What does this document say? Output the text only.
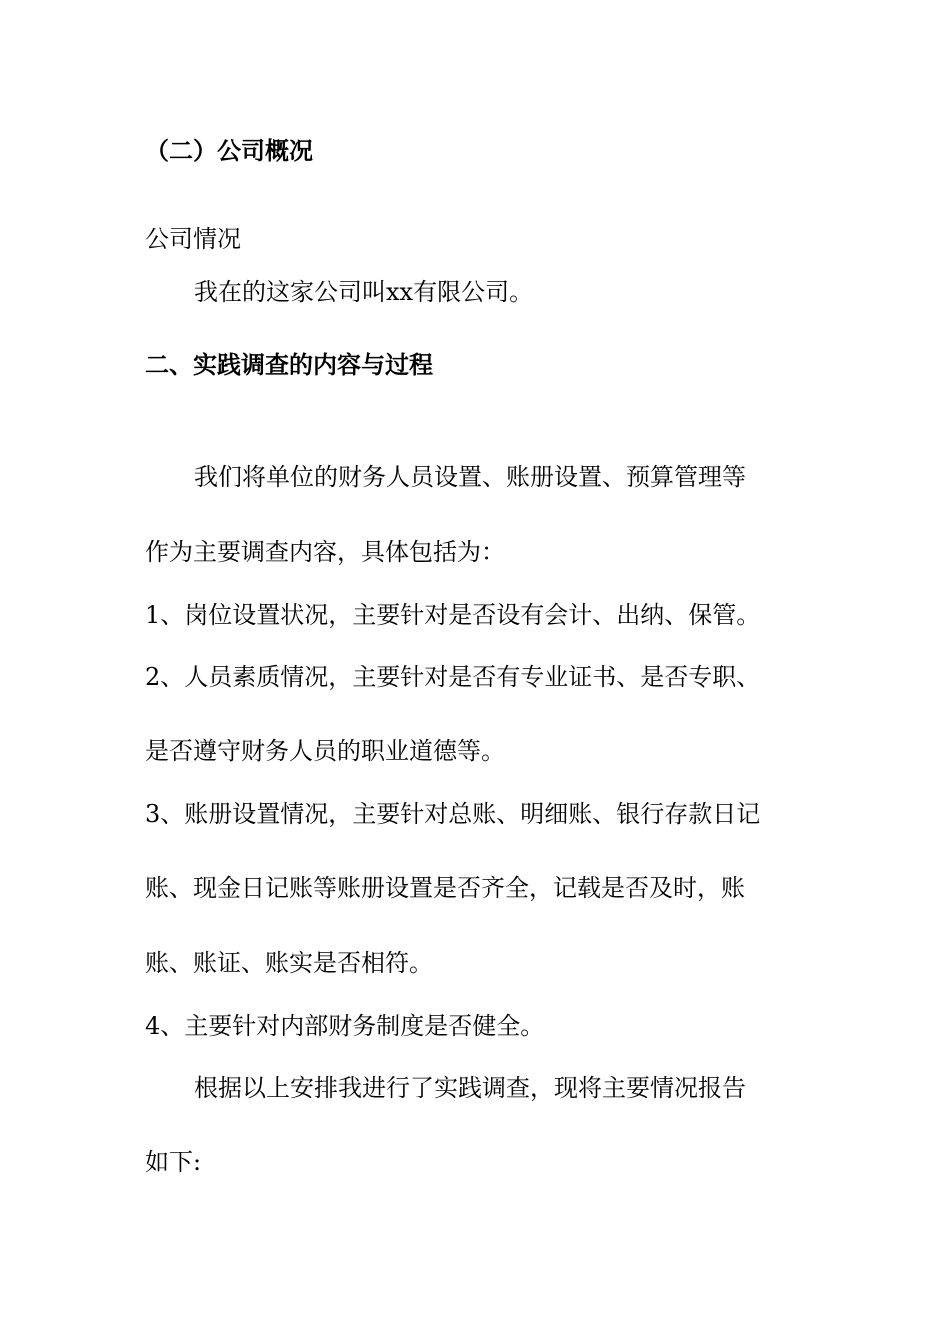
（二）公司概况

公司情况

我在的这家公司叫xx有限公司。

二、实践调查的内容与过程

我们将单位的财务人员设置、账册设置、预算管理等

作为主要调查内容，具体包括为：

1、岗位设置状况，主要针对是否设有会计、出纳、保管。

2、人员素质情况，主要针对是否有专业证书、是否专职、

是否遵守财务人员的职业道德等。

3、账册设置情况，主要针对总账、明细账、银行存款日记

账、现金日记账等账册设置是否齐全，记载是否及时，账

账、账证、账实是否相符。

4、主要针对内部财务制度是否健全。

根据以上安排我进行了实践调查，现将主要情况报告

如下:
